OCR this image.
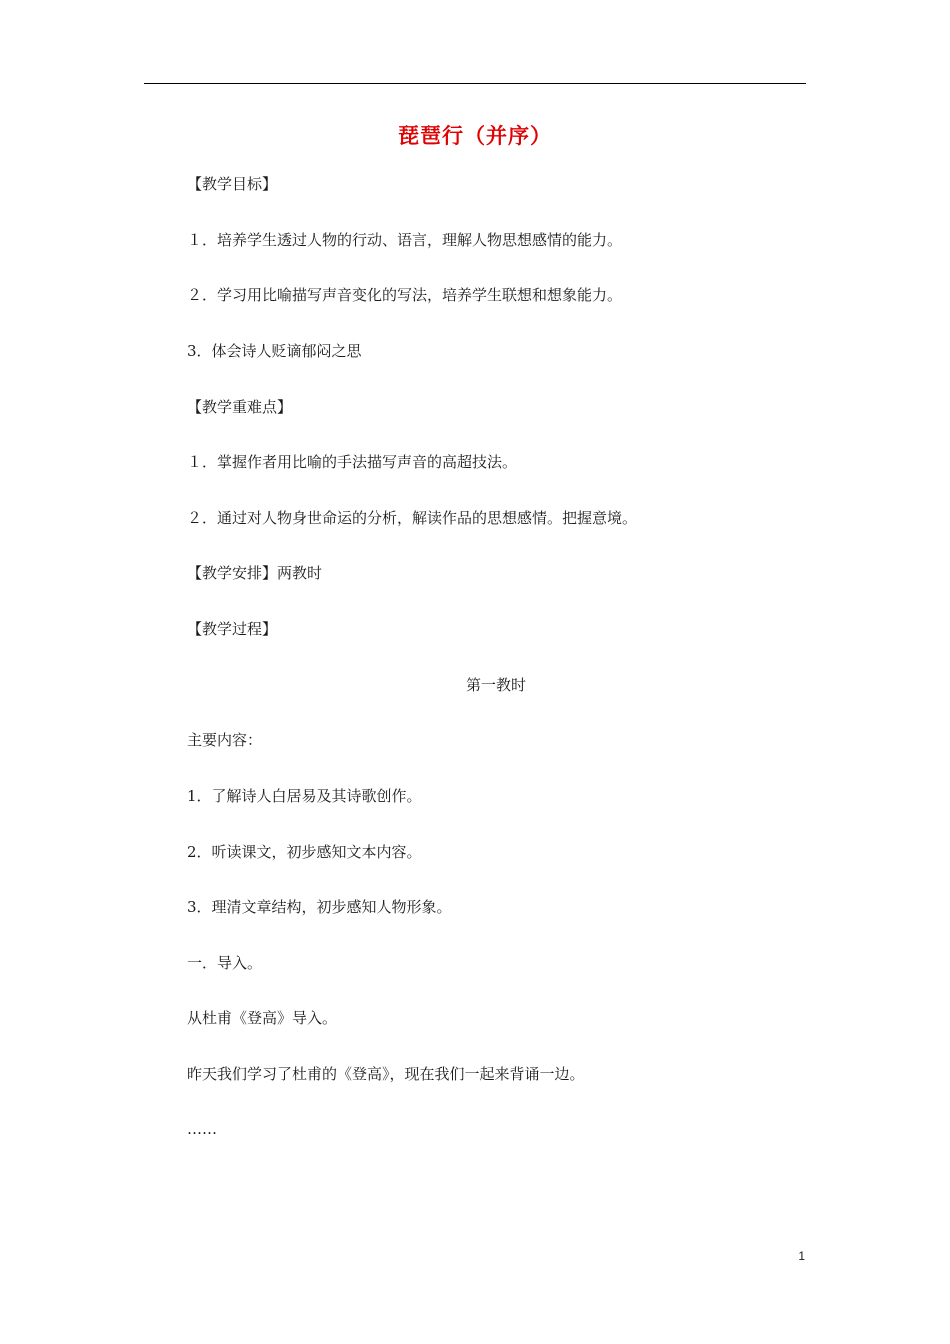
琵琶行（并序）
【教学目标】
１．培养学生透过人物的行动、语言，理解人物思想感情的能力。
２．学习用比喻描写声音变化的写法，培养学生联想和想象能力。
3．体会诗人贬谪郁闷之思
【教学重难点】
１．掌握作者用比喻的手法描写声音的高超技法。
２．通过对人物身世命运的分析，解读作品的思想感情。把握意境。
【教学安排】两教时
【教学过程】
第一教时
主要内容：
1．了解诗人白居易及其诗歌创作。
2．听读课文，初步感知文本内容。
3．理清文章结构，初步感知人物形象。
一．导入。
从杜甫《登高》导入。
昨天我们学习了杜甫的《登高》，现在我们一起来背诵一边。
……
1
